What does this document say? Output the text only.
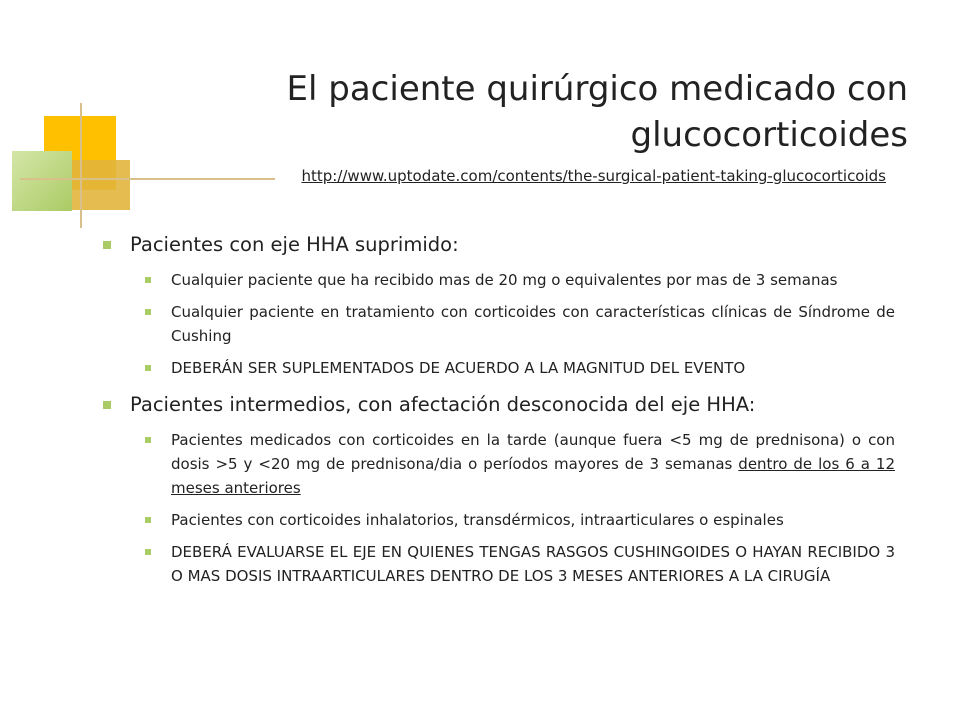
El paciente quirúrgico medicado con
glucocorticoides
http://www.uptodate.com/contents/the-surgical-patient-taking-glucocorticoids
Pacientes con eje HHA suprimido:
Cualquier paciente que ha recibido mas de 20 mg o equivalentes por mas de 3 semanas
Cualquier paciente en tratamiento con corticoides con características clínicas de Síndrome de Cushing
DEBERÁN SER SUPLEMENTADOS DE ACUERDO A LA MAGNITUD DEL EVENTO
Pacientes intermedios, con afectación desconocida del eje HHA:
Pacientes medicados con corticoides en la tarde (aunque fuera <5 mg de prednisona) o con dosis >5 y <20 mg de prednisona/dia o períodos mayores de 3 semanas dentro de los 6 a 12 meses anteriores
Pacientes con corticoides inhalatorios, transdérmicos, intraarticulares o espinales
DEBERÁ EVALUARSE EL EJE EN QUIENES TENGAS RASGOS CUSHINGOIDES O HAYAN RECIBIDO 3 O MAS DOSIS INTRAARTICULARES DENTRO DE LOS 3 MESES ANTERIORES A LA CIRUGÍA
